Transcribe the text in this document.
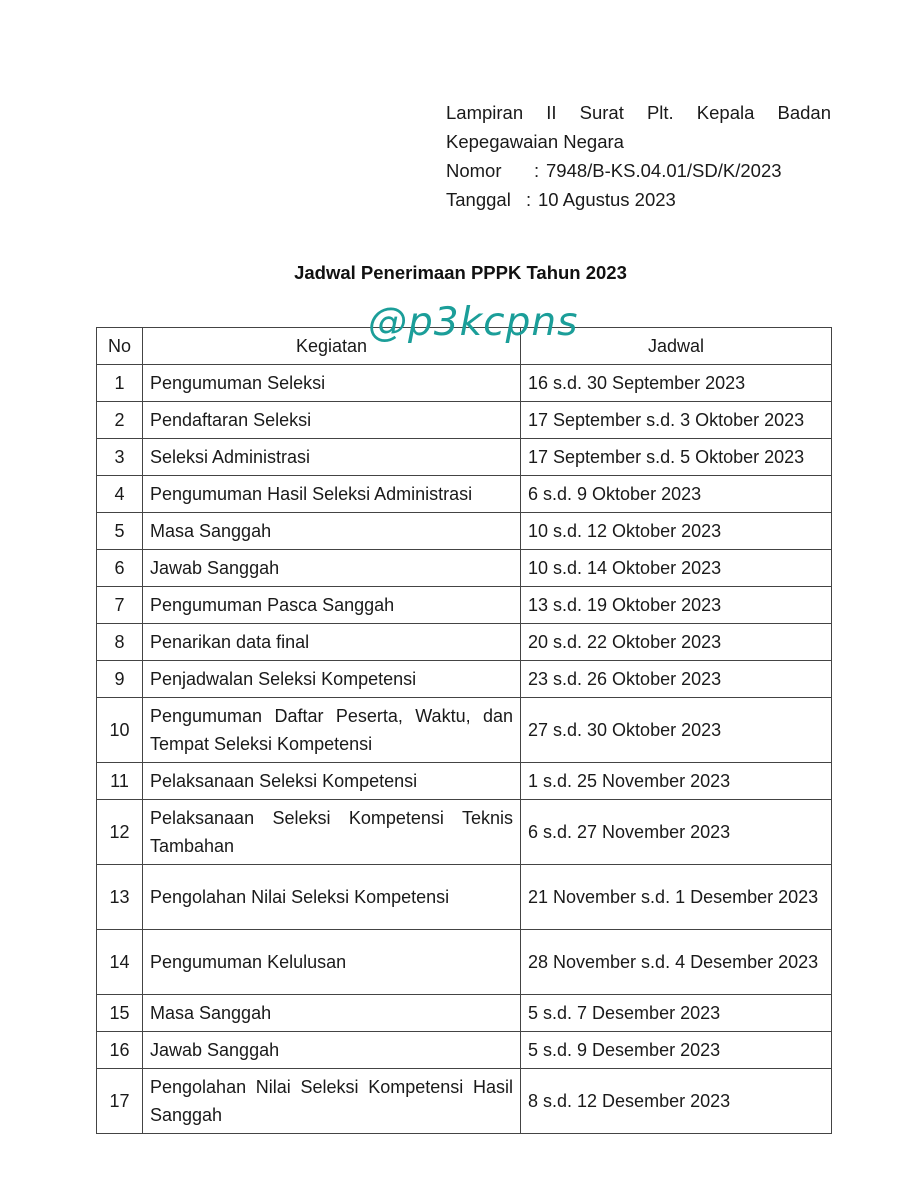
Lampiran II Surat Plt. Kepala Badan
Kepegawaian Negara
Nomor	: 7948/B-KS.04.01/SD/K/2023
Tanggal : 10 Agustus 2023
Jadwal Penerimaan PPPK Tahun 2023
No	Kegiatan	Jadwal
1	Pengumuman Seleksi	16 s.d. 30 September 2023
2	Pendaftaran Seleksi	17 September s.d. 3 Oktober 2023
3	Seleksi Administrasi	17 September s.d. 5 Oktober 2023
4	Pengumuman Hasil Seleksi Administrasi	6 s.d. 9 Oktober 2023
5	Masa Sanggah	10 s.d. 12 Oktober 2023
6	Jawab Sanggah	10 s.d. 14 Oktober 2023
7	Pengumuman Pasca Sanggah	13 s.d. 19 Oktober 2023
8	Penarikan data final	20 s.d. 22 Oktober 2023
9	Penjadwalan Seleksi Kompetensi	23 s.d. 26 Oktober 2023
10	Pengumuman Daftar Peserta, Waktu, dan Tempat Seleksi Kompetensi	27 s.d. 30 Oktober 2023
11	Pelaksanaan Seleksi Kompetensi	1 s.d. 25 November 2023
12	Pelaksanaan Seleksi Kompetensi Teknis Tambahan	6 s.d. 27 November 2023
13	Pengolahan Nilai Seleksi Kompetensi	21 November s.d. 1 Desember 2023
14	Pengumuman Kelulusan	28 November s.d. 4 Desember 2023
15	Masa Sanggah	5 s.d. 7 Desember 2023
16	Jawab Sanggah	5 s.d. 9 Desember 2023
17	Pengolahan Nilai Seleksi Kompetensi Hasil Sanggah	8 s.d. 12 Desember 2023
@p3kcpns
